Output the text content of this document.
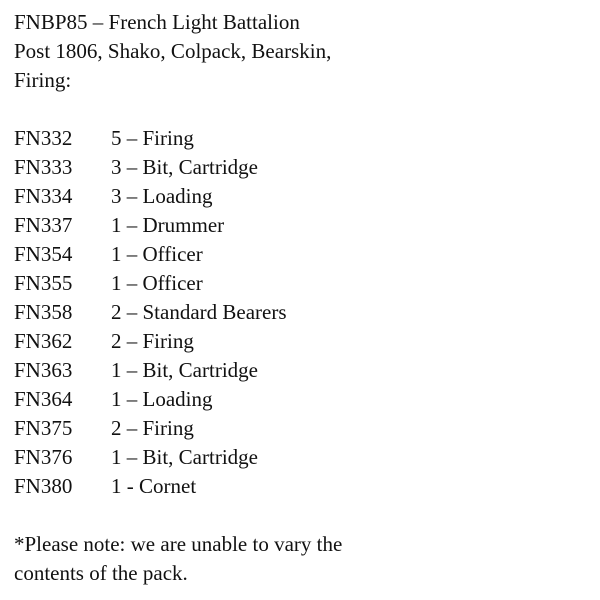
FNBP85 – French Light Battalion
Post 1806, Shako, Colpack, Bearskin,
Firing:
FN332	5 – Firing
FN333	3 – Bit, Cartridge
FN334	3 – Loading
FN337	1 – Drummer
FN354	1 – Officer
FN355	1 – Officer
FN358	2 – Standard Bearers
FN362	2 – Firing
FN363	1 – Bit, Cartridge
FN364	1 – Loading
FN375	2 – Firing
FN376	1 – Bit, Cartridge
FN380	1 - Cornet
*Please note: we are unable to vary the
contents of the pack.
